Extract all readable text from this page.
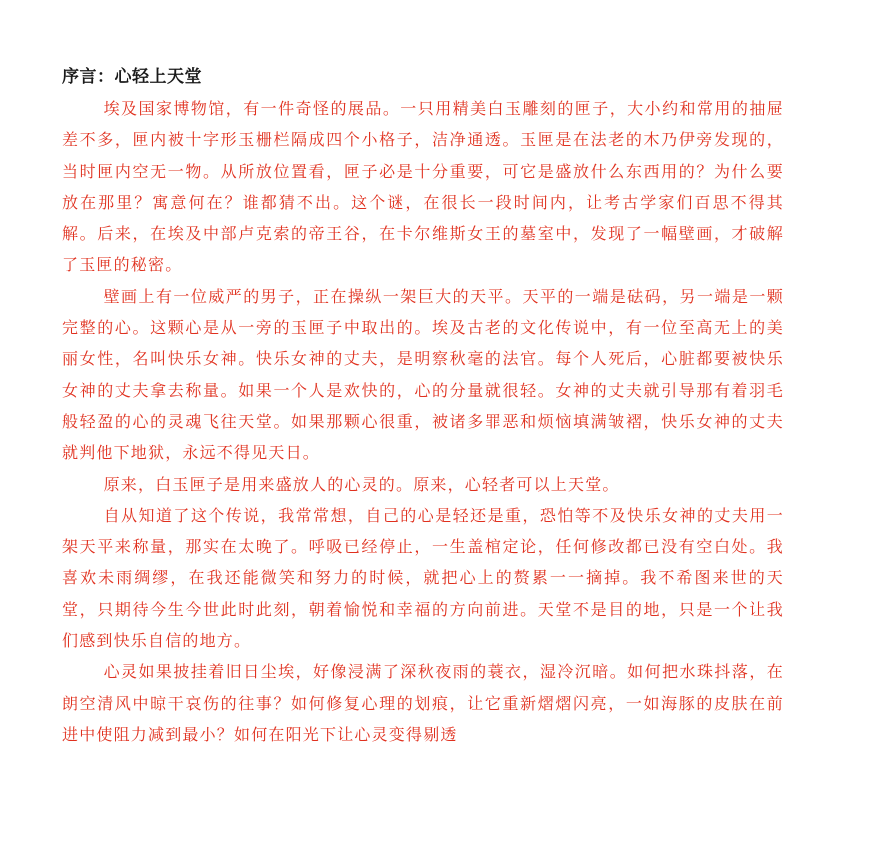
序言：心轻上天堂

埃及国家博物馆，有一件奇怪的展品。一只用精美白玉雕刻的匣子，大小约和常用的抽屉差不多，匣内被十字形玉栅栏隔成四个小格子，洁净通透。玉匣是在法老的木乃伊旁发现的，当时匣内空无一物。从所放位置看，匣子必是十分重要，可它是盛放什么东西用的？为什么要放在那里？寓意何在？谁都猜不出。这个谜，在很长一段时间内，让考古学家们百思不得其解。后来，在埃及中部卢克索的帝王谷，在卡尔维斯女王的墓室中，发现了一幅壁画，才破解了玉匣的秘密。

壁画上有一位威严的男子，正在操纵一架巨大的天平。天平的一端是砝码，另一端是一颗完整的心。这颗心是从一旁的玉匣子中取出的。埃及古老的文化传说中，有一位至高无上的美丽女性，名叫快乐女神。快乐女神的丈夫，是明察秋毫的法官。每个人死后，心脏都要被快乐女神的丈夫拿去称量。如果一个人是欢快的，心的分量就很轻。女神的丈夫就引导那有着羽毛般轻盈的心的灵魂飞往天堂。如果那颗心很重，被诸多罪恶和烦恼填满皱褶，快乐女神的丈夫就判他下地狱，永远不得见天日。

原来，白玉匣子是用来盛放人的心灵的。原来，心轻者可以上天堂。

自从知道了这个传说，我常常想，自己的心是轻还是重，恐怕等不及快乐女神的丈夫用一架天平来称量，那实在太晚了。呼吸已经停止，一生盖棺定论，任何修改都已没有空白处。我喜欢未雨绸缪，在我还能微笑和努力的时候，就把心上的赘累一一摘掉。我不希图来世的天堂，只期待今生今世此时此刻，朝着愉悦和幸福的方向前进。天堂不是目的地，只是一个让我们感到快乐自信的地方。

心灵如果披挂着旧日尘埃，好像浸满了深秋夜雨的蓑衣，湿冷沉暗。如何把水珠抖落，在朗空清风中晾干哀伤的往事？如何修复心理的划痕，让它重新熠熠闪亮，一如海豚的皮肤在前进中使阻力减到最小？如何在阳光下让心灵变得剔透
